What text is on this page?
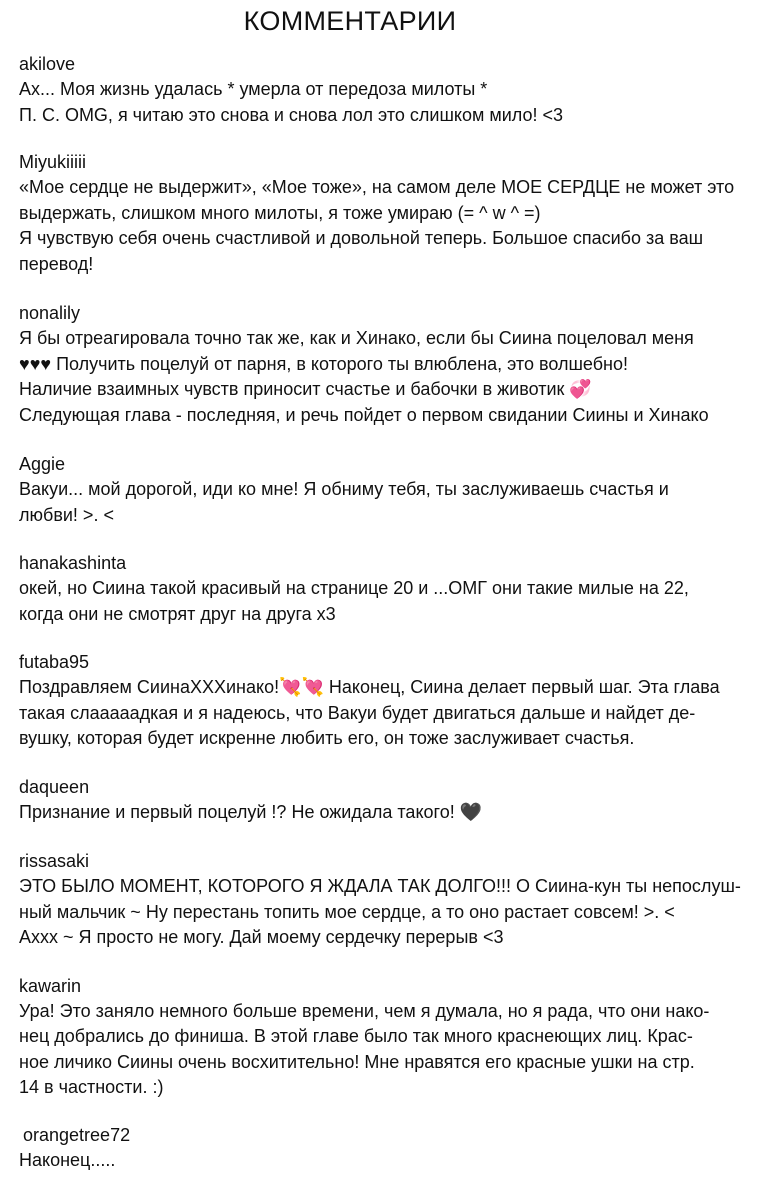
КОММЕНТАРИИ

akilove

Ах... Моя жизнь удалась * умерла от передоза милоты *

П. С. OMG, я читаю это снова и снова лол это слишком мило! <3

Miyukiiiii

«Мое сердце не выдержит», «Мое тоже», на самом деле МОЕ СЕРДЦЕ не может это

выдержать, слишком много милоты, я тоже умираю (= ^ w ^ =)

Я чувствую себя очень счастливой и довольной теперь. Большое спасибо за ваш

перевод!

nonalily

Я бы отреагировала точно так же, как и Хинако, если бы Сиина поцеловал меня

♥♥♥ Получить поцелуй от парня, в которого ты влюблена, это волшебно!

Наличие взаимных чувств приносит счастье и бабочки в животик 💞

Следующая глава - последняя, и речь пойдет о первом свидании Сиины и Хинако

Aggie

Вакуи... мой дорогой, иди ко мне! Я обниму тебя, ты заслуживаешь счастья и

любви! >. <

hanakashinta

окей, но Сиина такой красивый на странице 20 и ...ОМГ они такие милые на 22,

когда они не смотрят друг на друга x3

futaba95

Поздравляем СиинаXXХинако!💘💘 Наконец, Сиина делает первый шаг. Эта глава

такая слааааадкая и я надеюсь, что Вакуи будет двигаться дальше и найдет де-

вушку, которая будет искренне любить его, он тоже заслуживает счастья.

daqueen

Признание и первый поцелуй !? Не ожидала такого! 🖤

rissasaki

ЭТО БЫЛО МОМЕНТ, КОТОРОГО Я ЖДАЛА ТАК ДОЛГО!!! О Сиина-кун ты непослуш-

ный мальчик ~ Ну перестань топить мое сердце, а то оно растает совсем! >. <

Аххх ~ Я просто не могу. Дай моему сердечку перерыв <3

kawarin

Ура! Это заняло немного больше времени, чем я думала, но я рада, что они нако-

нец добрались до финиша. В этой главе было так много краснеющих лиц. Крас-

ное личико Сиины очень восхитительно! Мне нравятся его красные ушки на стр.

14 в частности. :)

orangetree72

Наконец.....
